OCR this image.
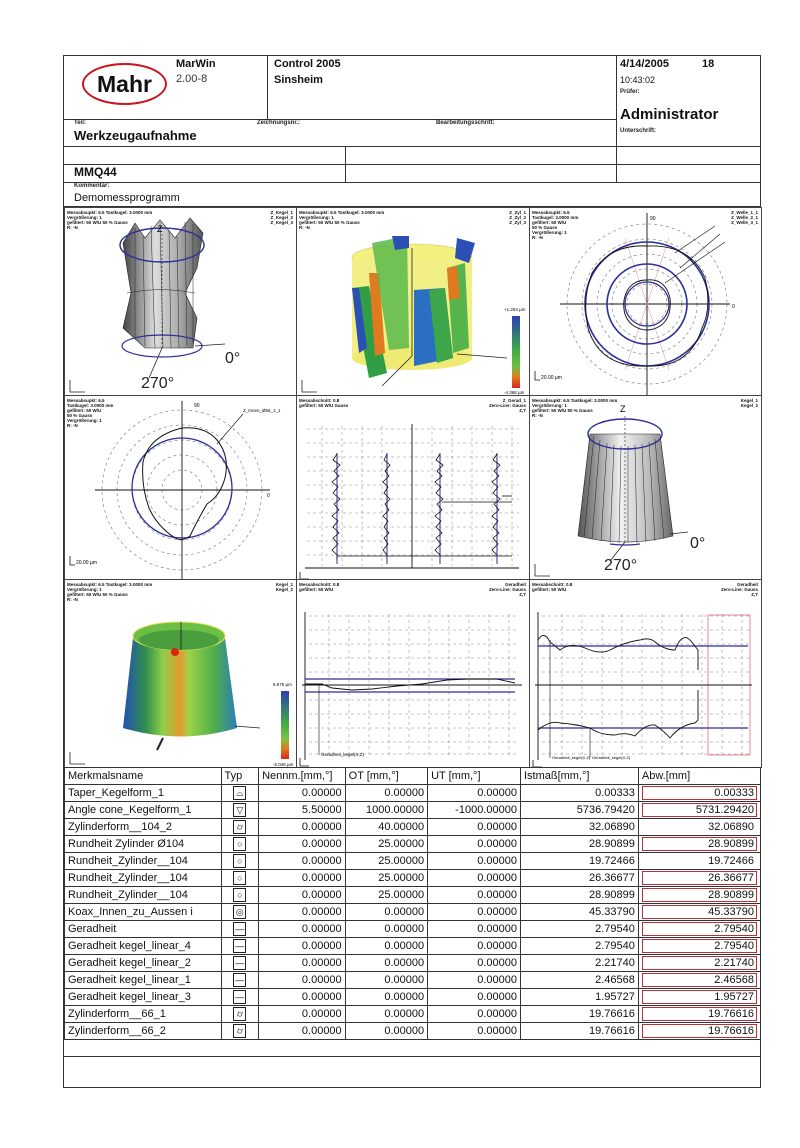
Mahr
MarWin
2.00-8
Control 2005
Sinsheim
4/14/2005	18
10:43:02
Prüfer:
Administrator
Unterschrift:
Teil:	Zeichnungsnr.:	Bearbeitungsschritt:
Werkzeugaufnahme
MMQ44
Kommentar:
Demomessprogramm
Messabsupkt: 6.5 Tastkugel: 3.0000 mm
Vergrößerung: 1
gefiltert: 50 W/U 50 % Gauss
R: -N
Z_Kegel_1
Z_Kegel_2
Z_Kegel_3
Z
0°
270°
+1.254 µm
-4.368 µm
Messabsupkt: 6.5 Tastkugel: 3.0000 mm
Vergrößerung: 1
gefiltert: 50 W/U 50 % Gauss
R: -N
Z_Zyl_1
Z_Zyl_2
Z_Zyl_3
90
0
20.00 µm
Messabsupkt: 6.5
Tastkugel: 3.0000 mm
gefiltert: 50 W/U
50 % Gauss
Vergrößerung: 1
R: -N
Z_Welle_1_1
Z_Welle_2_1
Z_Welle_3_1
Z_Innen_Ø56_1_1
90
0
20.00 µm
Messabsupkt: 6.5
Tastkugel: 3.0000 mm
gefiltert: 50 W/U
50 % Gauss
Vergrößerung: 1
R: -N
Messabschnitt: 0.8
gefiltert: 50 W/U Gauss
Z_Gerad_1
Zero-Line: Gauss
Z,T	Z
0°
270°
Messabsupkt: 6.5 Tastkugel: 3.0000 mm
Vergrößerung: 1
gefiltert: 50 W/U 50 % Gauss
R: -N
Kegel_1
Kegel_2
5.675 µm
-5.046 µm
Messabsupkt: 6.5 Tastkugel: 3.0000 mm
Vergrößerung: 1
gefiltert: 50 W/U 50 % Gauss
R: -N
Kegel_1
Kegel_2
Geradheit_kegel(X,Z)
Messabschnitt: 0.8
gefiltert: 50 W/U
Geradheit
Zero-Line: Gauss
Z,T
Geradheit_kegel(X,Z) Geradheit_kegel(X,Z)
Messabschnitt: 0.8
gefiltert: 50 W/U
Geradheit
Zero-Line: Gauss
Z,T
Merkmalsname	Typ	Nennm.[mm,°]	OT [mm,°]	UT [mm,°]	Istmaß[mm,°]	Abw.[mm]
Taper_Kegelform_1	⌓	0.00000	0.00000	0.00000	0.00333	0.00333

Angle cone_Kegelform_1	▽	5.50000	1000.00000	-1000.00000	5736.79420	5731.29420

Zylinderform__104_2	⌭	0.00000	40.00000	0.00000	32.06890	32.06890

Rundheit Zylinder Ø104	○	0.00000	25.00000	0.00000	28.90899	28.90899

Rundheit_Zylinder__104	○	0.00000	25.00000	0.00000	19.72466	19.72466

Rundheit_Zylinder__104	○	0.00000	25.00000	0.00000	26.36677	26.36677

Rundheit_Zylinder__104	○	0.00000	25.00000	0.00000	28.90899	28.90899

Koax_Innen_zu_Aussen i	◎	0.00000	0.00000	0.00000	45.33790	45.33790

Geradheit	—	0.00000	0.00000	0.00000	2.79540	2.79540

Geradheit kegel_linear_4	—	0.00000	0.00000	0.00000	2.79540	2.79540

Geradheit kegel_linear_2	—	0.00000	0.00000	0.00000	2.21740	2.21740

Geradheit kegel_linear_1	—	0.00000	0.00000	0.00000	2.46568	2.46568

Geradheit kegel_linear_3	—	0.00000	0.00000	0.00000	1.95727	1.95727

Zylinderform__66_1	⌭	0.00000	0.00000	0.00000	19.76616	19.76616

Zylinderform__66_2	⌭	0.00000	0.00000	0.00000	19.76616	19.76616
